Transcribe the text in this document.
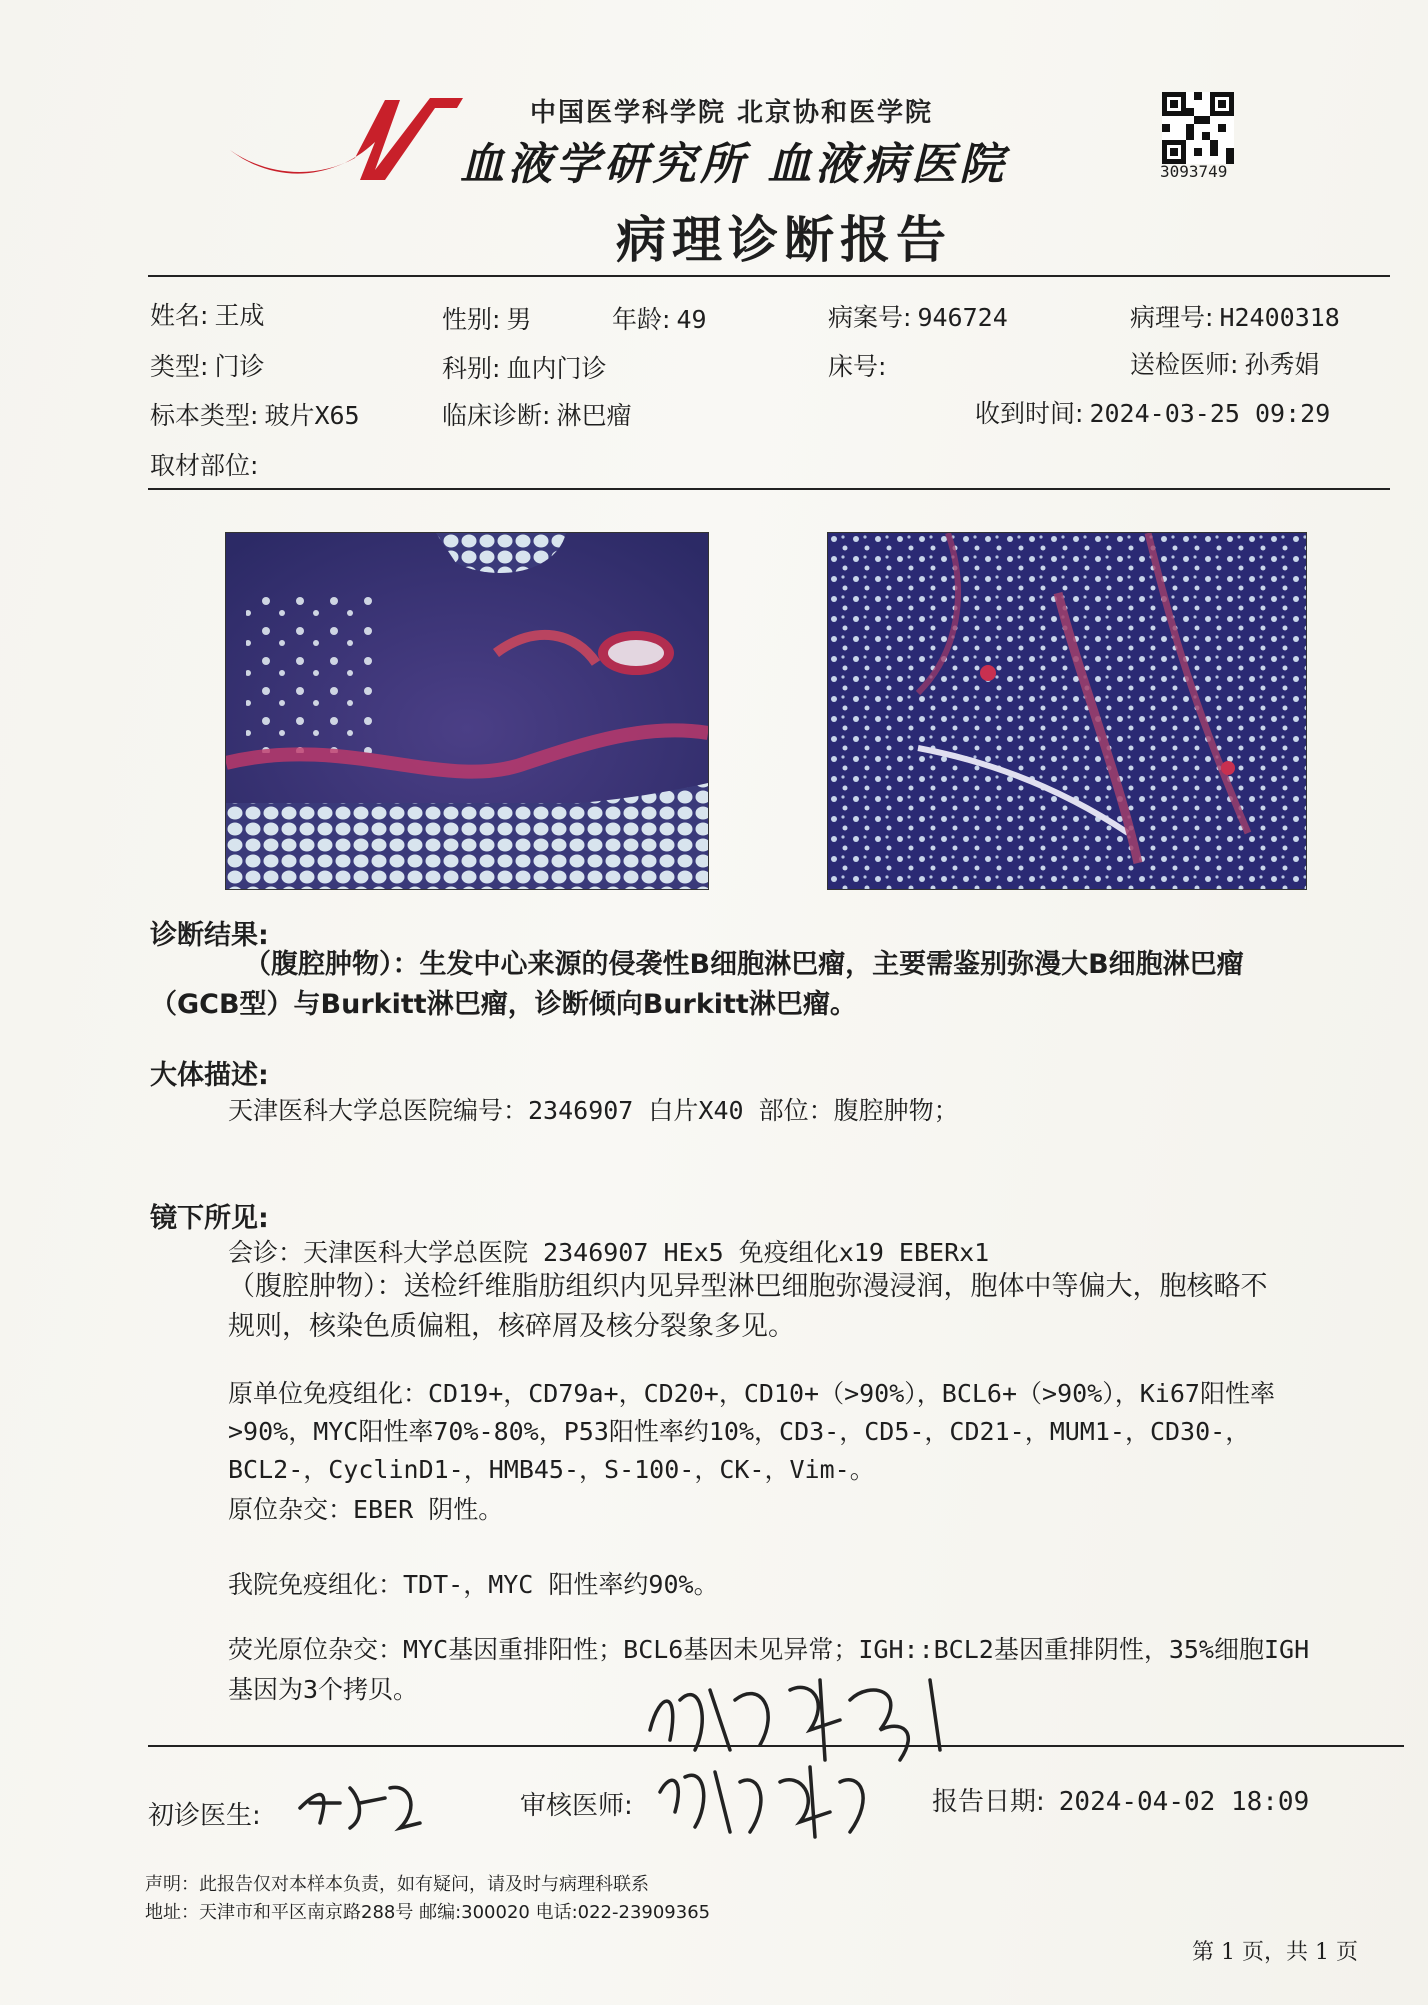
中国医学科学院 北京协和医学院
血液学研究所 血液病医院	3093749
病理诊断报告
姓名: 王成	性别: 男	年龄: 49	病案号: 946724	病理号: H2400318
类型: 门诊	科别: 血内门诊	床号:	送检医师: 孙秀娟
标本类型: 玻片X65	临床诊断: 淋巴瘤	收到时间: 2024-03-25 09:29
取材部位:
诊断结果:
（腹腔肿物）：生发中心来源的侵袭性B细胞淋巴瘤，主要需鉴别弥漫大B细胞淋巴瘤（GCB型）与Burkitt淋巴瘤，诊断倾向Burkitt淋巴瘤。
大体描述:
天津医科大学总医院编号：2346907 白片X40 部位：腹腔肿物；
镜下所见:
会诊：天津医科大学总医院 2346907 HEx5 免疫组化x19 EBERx1
（腹腔肿物）：送检纤维脂肪组织内见异型淋巴细胞弥漫浸润，胞体中等偏大，胞核略不规则，核染色质偏粗，核碎屑及核分裂象多见。
原单位免疫组化：CD19+，CD79a+，CD20+，CD10+（>90%），BCL6+（>90%），Ki67阳性率>90%，MYC阳性率70%-80%，P53阳性率约10%，CD3-，CD5-，CD21-，MUM1-，CD30-，BCL2-，CyclinD1-，HMB45-，S-100-，CK-，Vim-。
原位杂交：EBER 阴性。
我院免疫组化：TDT-，MYC 阳性率约90%。
荧光原位杂交：MYC基因重排阳性；BCL6基因未见异常；IGH::BCL2基因重排阴性，35%细胞IGH基因为3个拷贝。
初诊医生:	审核医师:	报告日期: 2024-04-02 18:09
声明：此报告仅对本样本负责，如有疑问，请及时与病理科联系
地址：天津市和平区南京路288号 邮编:300020 电话:022-23909365
第 1 页，共 1 页
